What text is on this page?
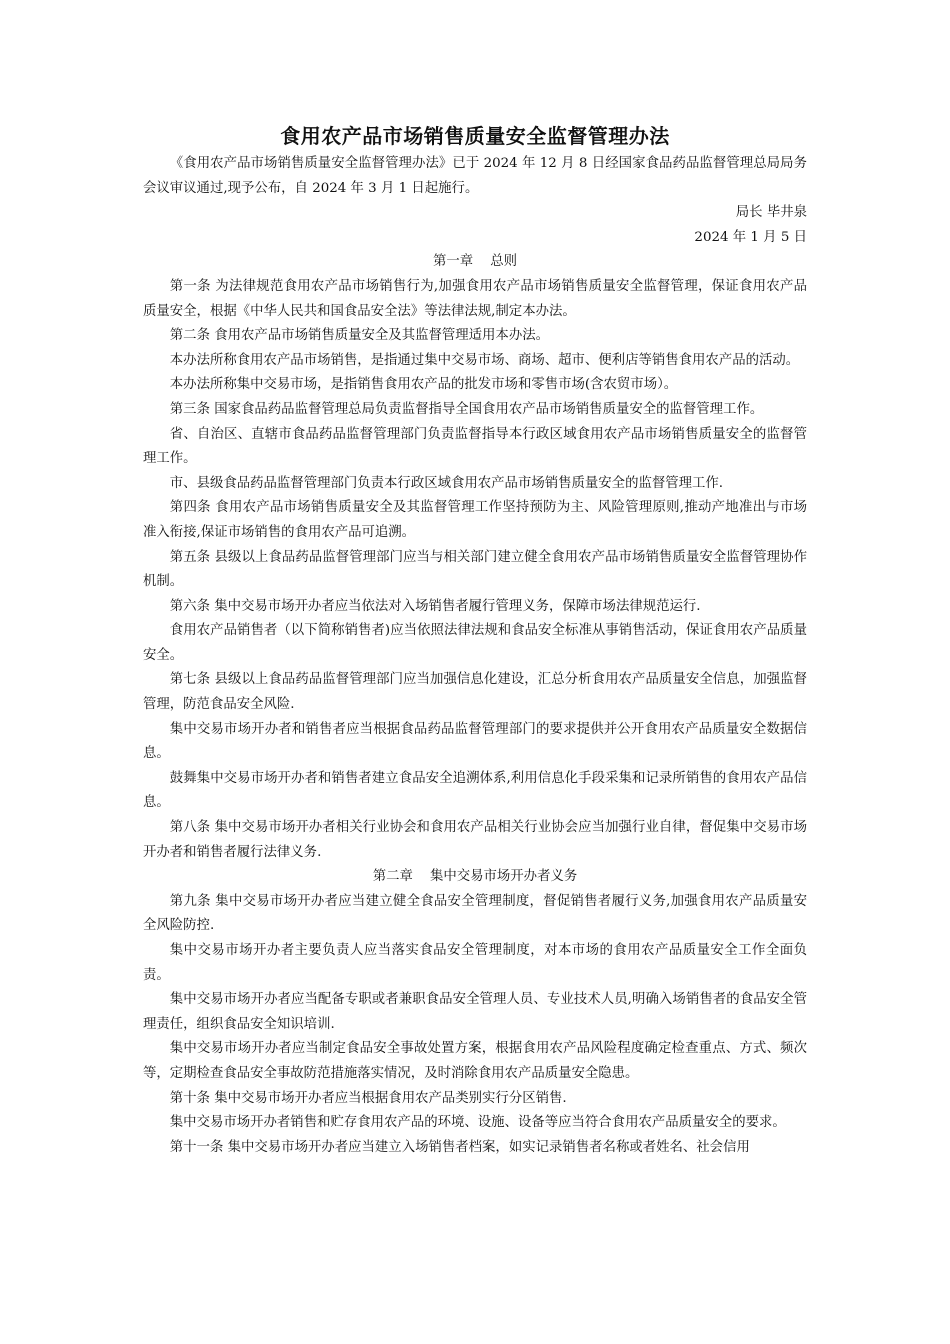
食用农产品市场销售质量安全监督管理办法

《食用农产品市场销售质量安全监督管理办法》已于 2024 年 12 月 8 日经国家食品药品监督管理总局局务会议审议通过,现予公布，自 2024 年 3 月 1 日起施行。

局长 毕井泉

2024 年 1 月 5 日

第一章    总则

第一条 为法律规范食用农产品市场销售行为,加强食用农产品市场销售质量安全监督管理，保证食用农产品质量安全，根据《中华人民共和国食品安全法》等法律法规,制定本办法。

第二条 食用农产品市场销售质量安全及其监督管理适用本办法。

本办法所称食用农产品市场销售，是指通过集中交易市场、商场、超市、便利店等销售食用农产品的活动。

本办法所称集中交易市场，是指销售食用农产品的批发市场和零售市场(含农贸市场）。

第三条 国家食品药品监督管理总局负责监督指导全国食用农产品市场销售质量安全的监督管理工作。

省、自治区、直辖市食品药品监督管理部门负责监督指导本行政区域食用农产品市场销售质量安全的监督管理工作。

市、县级食品药品监督管理部门负责本行政区域食用农产品市场销售质量安全的监督管理工作.

第四条 食用农产品市场销售质量安全及其监督管理工作坚持预防为主、风险管理原则,推动产地准出与市场准入衔接,保证市场销售的食用农产品可追溯。

第五条 县级以上食品药品监督管理部门应当与相关部门建立健全食用农产品市场销售质量安全监督管理协作机制。

第六条 集中交易市场开办者应当依法对入场销售者履行管理义务，保障市场法律规范运行.

食用农产品销售者（以下简称销售者)应当依照法律法规和食品安全标准从事销售活动，保证食用农产品质量安全。

第七条 县级以上食品药品监督管理部门应当加强信息化建设，汇总分析食用农产品质量安全信息，加强监督管理，防范食品安全风险.

集中交易市场开办者和销售者应当根据食品药品监督管理部门的要求提供并公开食用农产品质量安全数据信息。

鼓舞集中交易市场开办者和销售者建立食品安全追溯体系,利用信息化手段采集和记录所销售的食用农产品信息。

第八条 集中交易市场开办者相关行业协会和食用农产品相关行业协会应当加强行业自律，督促集中交易市场开办者和销售者履行法律义务.

第二章    集中交易市场开办者义务

第九条 集中交易市场开办者应当建立健全食品安全管理制度，督促销售者履行义务,加强食用农产品质量安全风险防控.

集中交易市场开办者主要负责人应当落实食品安全管理制度，对本市场的食用农产品质量安全工作全面负责。

集中交易市场开办者应当配备专职或者兼职食品安全管理人员、专业技术人员,明确入场销售者的食品安全管理责任，组织食品安全知识培训.

集中交易市场开办者应当制定食品安全事故处置方案，根据食用农产品风险程度确定检查重点、方式、频次等，定期检查食品安全事故防范措施落实情况，及时消除食用农产品质量安全隐患。

第十条 集中交易市场开办者应当根据食用农产品类别实行分区销售.

集中交易市场开办者销售和贮存食用农产品的环境、设施、设备等应当符合食用农产品质量安全的要求。

第十一条 集中交易市场开办者应当建立入场销售者档案，如实记录销售者名称或者姓名、社会信用
